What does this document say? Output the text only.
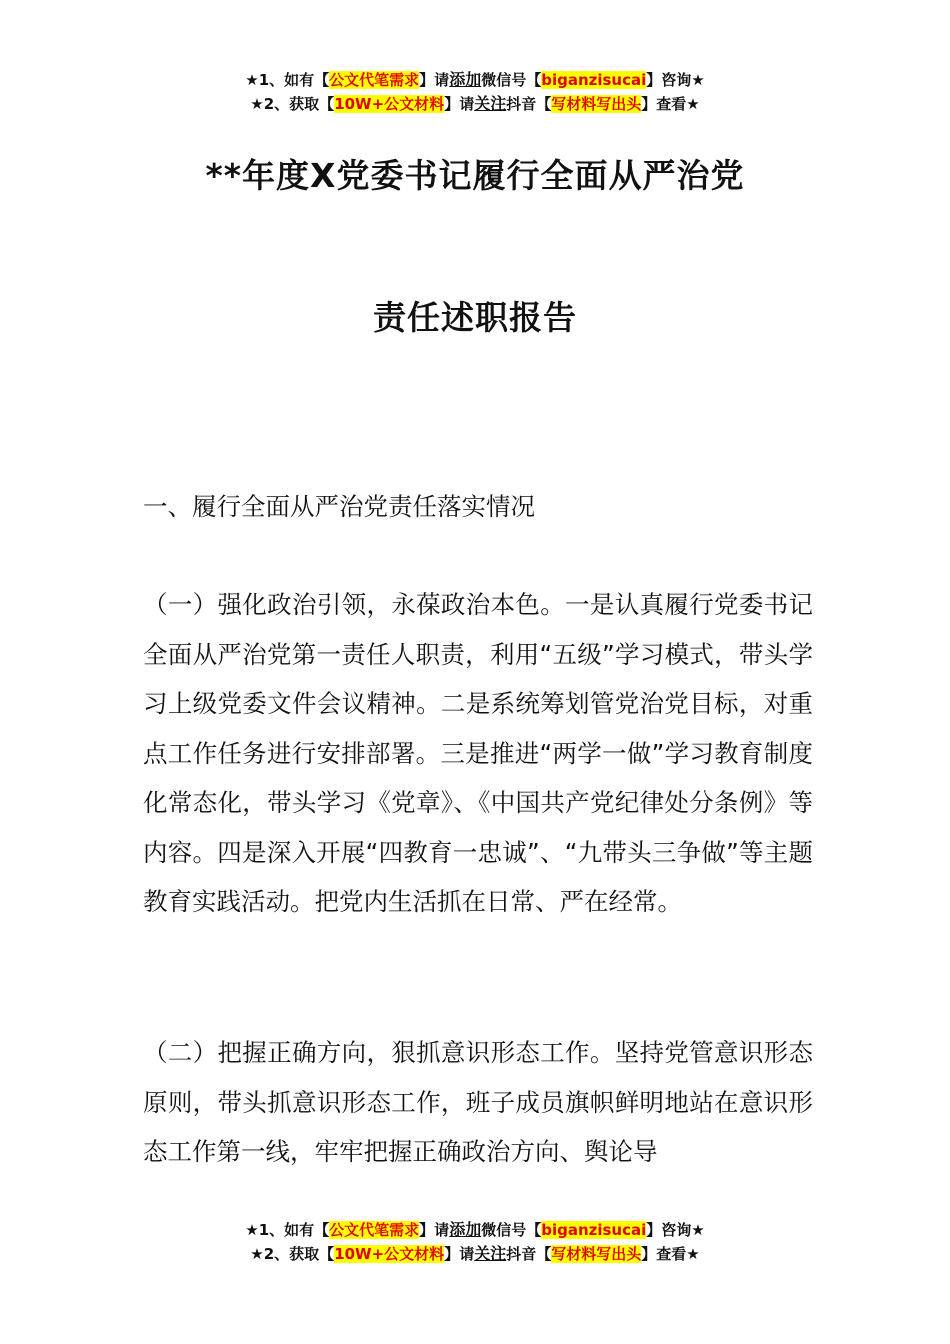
★1、如有【公文代笔需求】请添加微信号【biganzisucai】咨询★
★2、获取【10W+公文材料】请关注抖音【写材料写出头】查看★
**年度X党委书记履行全面从严治党
责任述职报告
一、履行全面从严治党责任落实情况
（一）强化政治引领，永葆政治本色。一是认真履行党委书记全面从严治党第一责任人职责，利用“五级”学习模式，带头学习上级党委文件会议精神。二是系统筹划管党治党目标，对重点工作任务进行安排部署。三是推进“两学一做”学习教育制度化常态化，带头学习《党章》、《中国共产党纪律处分条例》等内容。四是深入开展“四教育一忠诚”、“九带头三争做”等主题教育实践活动。把党内生活抓在日常、严在经常。
（二）把握正确方向，狠抓意识形态工作。坚持党管意识形态原则，带头抓意识形态工作，班子成员旗帜鲜明地站在意识形态工作第一线，牢牢把握正确政治方向、舆论导
★1、如有【公文代笔需求】请添加微信号【biganzisucai】咨询★
★2、获取【10W+公文材料】请关注抖音【写材料写出头】查看★
